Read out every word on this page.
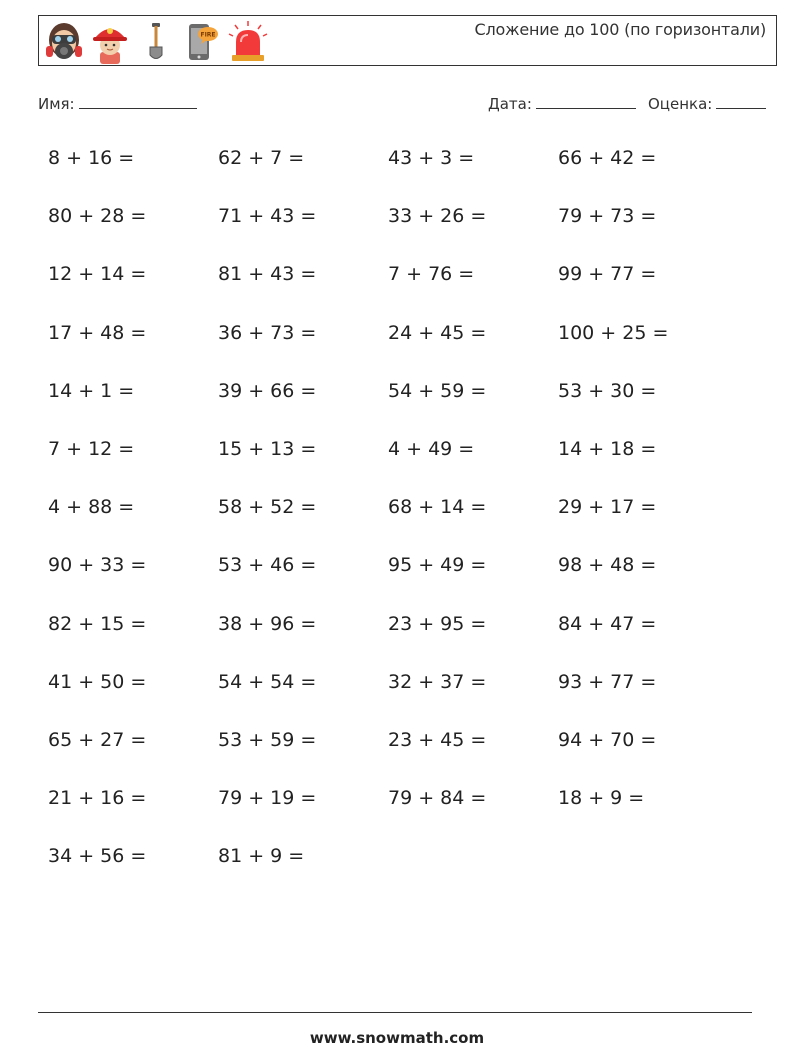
FIRE	Сложение до 100 (по горизонтали)
Имя:	Дата:	Оценка:
8 + 16 =	62 + 7 =	43 + 3 =	66 + 42 =
80 + 28 =	71 + 43 =	33 + 26 =	79 + 73 =
12 + 14 =	81 + 43 =	7 + 76 =	99 + 77 =
17 + 48 =	36 + 73 =	24 + 45 =	100 + 25 =
14 + 1 =	39 + 66 =	54 + 59 =	53 + 30 =
7 + 12 =	15 + 13 =	4 + 49 =	14 + 18 =
4 + 88 =	58 + 52 =	68 + 14 =	29 + 17 =
90 + 33 =	53 + 46 =	95 + 49 =	98 + 48 =
82 + 15 =	38 + 96 =	23 + 95 =	84 + 47 =
41 + 50 =	54 + 54 =	32 + 37 =	93 + 77 =
65 + 27 =	53 + 59 =	23 + 45 =	94 + 70 =
21 + 16 =	79 + 19 =	79 + 84 =	18 + 9 =
34 + 56 =	81 + 9 =
www.snowmath.com
